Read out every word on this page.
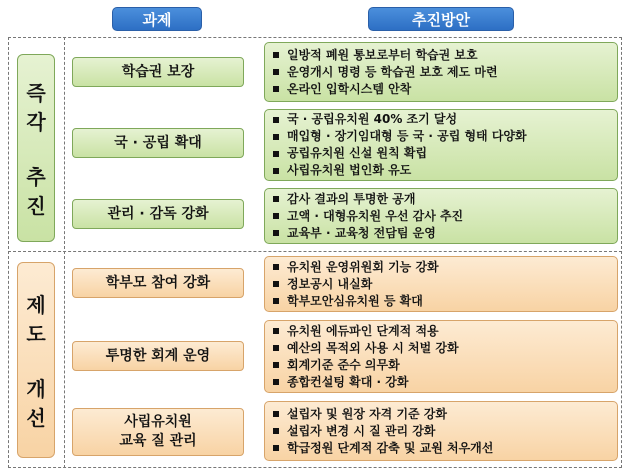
과제	추진방안
즉
각
추
진
제
도
개
선
학습권 보장
일방적 폐원 통보로부터 학습권 보호
운영개시 명령 등 학습권 보호 제도 마련
온라인 입학시스템 안착
국 · 공립 확대
국 · 공립유치원 40% 조기 달성
매입형 · 장기임대형 등 국 · 공립 형태 다양화
공립유치원 신설 원칙 확립
사립유치원 법인화 유도
관리 · 감독 강화
감사 결과의 투명한 공개
고액 · 대형유치원 우선 감사 추진
교육부 · 교육청 전담팀 운영
학부모 참여 강화
유치원 운영위원회 기능 강화
정보공시 내실화
학부모안심유치원 등 확대
투명한 회계 운영
유치원 에듀파인 단계적 적용
예산의 목적외 사용 시 처벌 강화
회계기준 준수 의무화
종합컨설팅 확대 · 강화
사립유치원
교육 질 관리
설립자 및 원장 자격 기준 강화
설립자 변경 시 질 관리 강화
학급정원 단계적 감축 및 교원 처우개선
